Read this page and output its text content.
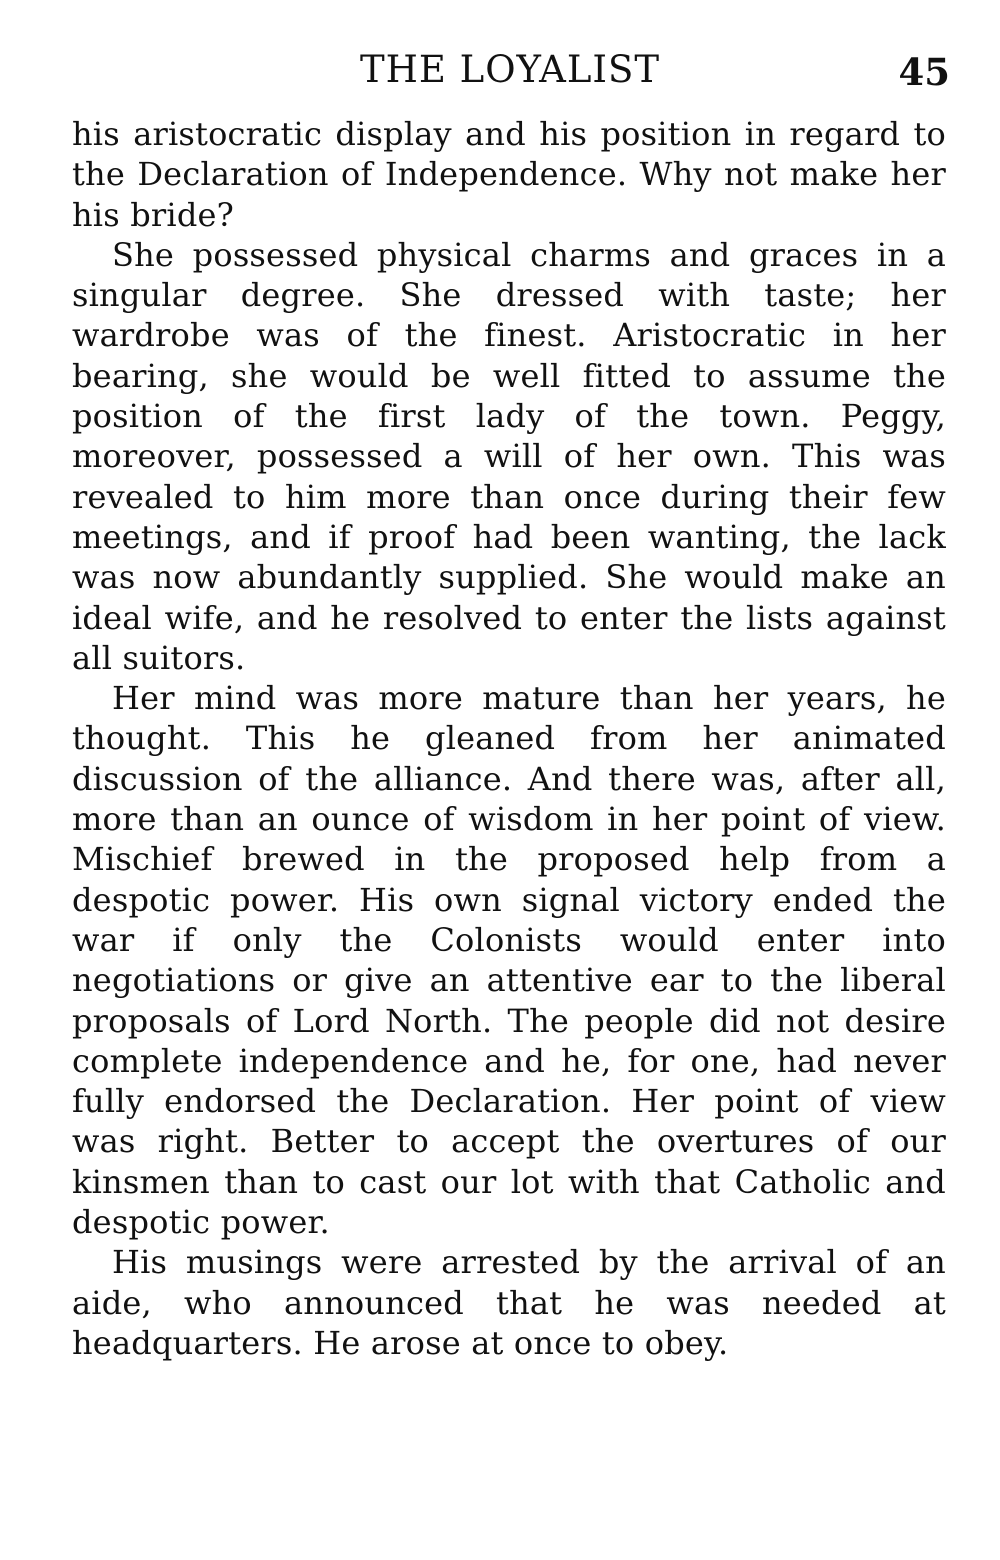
THE LOYALIST	45

his aristocratic display and his position in regard to the Declaration of Independence. Why not make her his bride?

She possessed physical charms and graces in a singular degree. She dressed with taste; her wardrobe was of the finest. Aristocratic in her bearing, she would be well fitted to assume the position of the first lady of the town. Peggy, moreover, possessed a will of her own. This was revealed to him more than once during their few meetings, and if proof had been wanting, the lack was now abundantly supplied. She would make an ideal wife, and he resolved to enter the lists against all suitors.

Her mind was more mature than her years, he thought. This he gleaned from her animated discussion of the alliance. And there was, after all, more than an ounce of wisdom in her point of view. Mischief brewed in the proposed help from a despotic power. His own signal victory ended the war if only the Colonists would enter into negotiations or give an attentive ear to the liberal proposals of Lord North. The people did not desire complete independence and he, for one, had never fully endorsed the Declaration. Her point of view was right. Better to accept the overtures of our kinsmen than to cast our lot with that Catholic and despotic power.

His musings were arrested by the arrival of an aide, who announced that he was needed at headquarters. He arose at once to obey.
